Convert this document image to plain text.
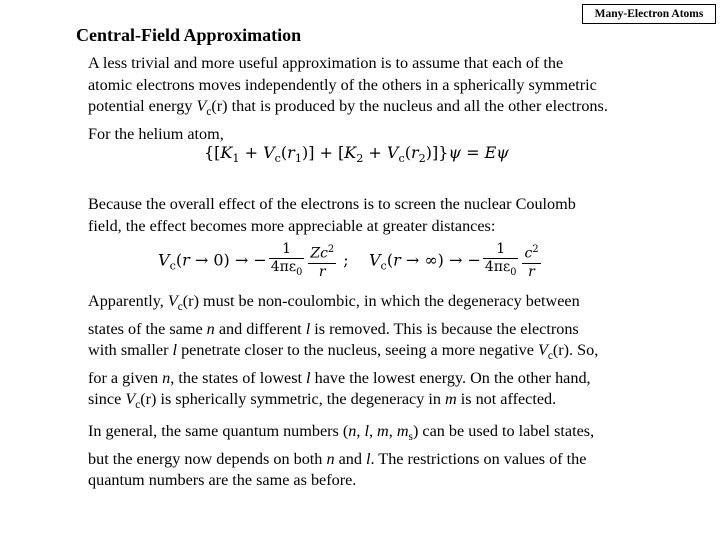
Many-Electron Atoms
Central-Field Approximation
A less trivial and more useful approximation is to assume that each of the
atomic electrons moves independently of the others in a spherically symmetric
potential energy $V_c(r)$ that is produced by the nucleus and all the other electrons.
For the helium atom,
$\{[K_1 + V_c(r_1)] + [K_2 + V_c(r_2)]\}\psi = E\psi$
Because the overall effect of the electrons is to screen the nuclear Coulomb
field, the effect becomes more appreciable at greater distances:
$V_c(r \to 0)$ → − $\frac{1}{4\pi\varepsilon_0} \frac{Zc^2}{r}$ ;    $V_c(r$ → ∞) → − $\frac{1}{4\pi\varepsilon_0} \frac{c^2}{r}$
Apparently, $V_c(r)$ must be non-coulombic, in which the degeneracy between
states of the same n and different l is removed. This is because the electrons
with smaller l penetrate closer to the nucleus, seeing a more negative $V_c(r)$. So,
for a given n, the states of lowest l have the lowest energy. On the other hand,
since $V_c(r)$ is spherically symmetric, the degeneracy in m is not affected.
In general, the same quantum numbers (n, l, m, $m_s$) can be used to label states,
but the energy now depends on both n and l. The restrictions on values of the
quantum numbers are the same as before.
